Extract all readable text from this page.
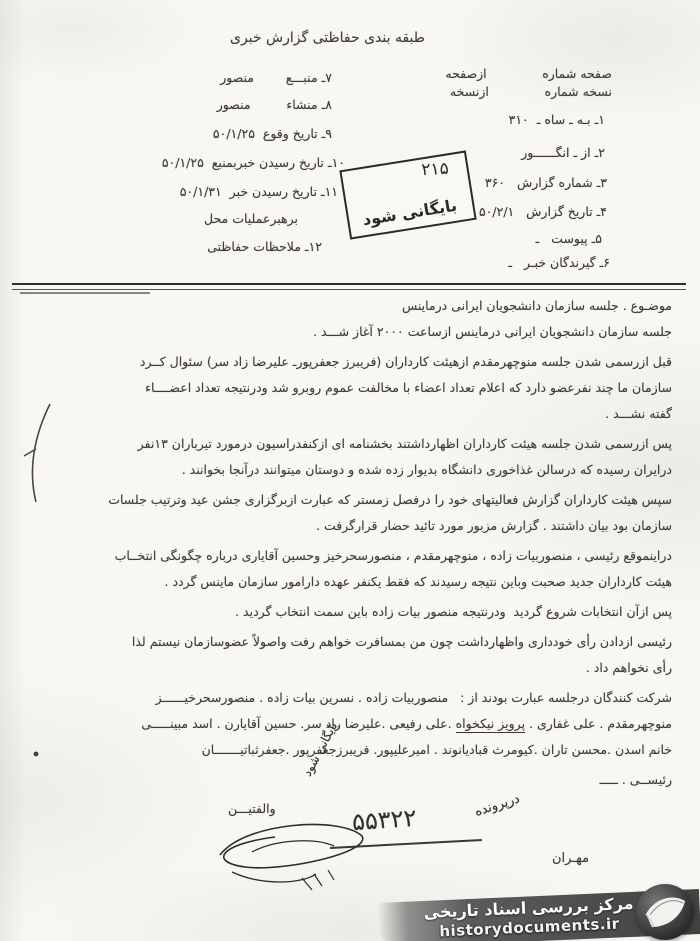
طبقه بندی حفاظتی گزارش خبری
صفحه شماره              ازصفحه
نسخه شماره              ازنسخه
۱ـ بـه ـ ساه ـ  ۳۱۰
۲ـ از ـ انگــــــور
۳ـ شماره گزارش   ۳۶۰
۴ـ تاریخ گزارش   ۵۰/۲/۱
۵ـ پیوست   ـ
۶ـ گیرندگان خبـر   ـ
۷ـ منبـــع        منصور
۸ـ منشاء         منصور
۹ـ تاریخ وقوع  ۵۰/۱/۲۵
۱۰ـ تاریخ رسیدن خبربمنبع  ۵۰/۱/۲۵
۱۱ـ تاریخ رسیدن خبر  ۵۰/۱/۳۱
برهبرعملیات محل
۱۲ـ ملاحظات حفاظتی
۲۱۵
بایگانی شود
موضـوع . جلسه سازمان دانشجویان ایرانی درماینس
جلسه سازمان دانشجویان ایرانی درماینس ازساعت ۲۰۰۰ آغاز شـــد .
قبل ازرسمی شدن جلسه منوچهرمقدم ازهیئت کارداران (فریبرز جعفرپورـ علیرضا زاد سر) سئوال کــرد
سازمان ما چند نفرعضو دارد که اعلام تعداد اعضاء با مخالفت عموم روبرو شد ودرنتیجه تعداد اعضــــاء
گفته نشـــد .
پس ازرسمی شدن جلسه هیئت کارداران اظهارداشتند بخشنامه ای ازکنفدراسیون درمورد تیرباران ۱۳نفر
درایران رسیده که درسالن غذاخوری دانشگاه بدیوار زده شده و دوستان میتوانند درآنجا بخوانند .
سپس هیئت کارداران گزارش فعالیتهای خود را درفصل زمستر که عبارت ازبرگزاری جشن عید وترتیب جلسات
سازمان بود بیان داشتند . گزارش مزبور مورد تائید حضار قرارگرفت .
دراینموقع رئیسی ، منصوربیات زاده ، منوچهرمقدم ، منصورسحرخیز وحسین آقایاری درباره چگونگی انتخــاب
هیئت کارداران جدید صحبت وباین نتیجه رسیدند که فقط یکنفر عهده دارامور سازمان ماینس گردد .
پس ازآن انتخابات شروع گردید  ودرنتیجه منصور بیات زاده باین سمت انتخاب گردید .
رئیسی ازدادن رأی خودداری واظهارداشت چون من بمسافرت خواهم رفت واصولاً عضوسازمان نیستم لذا
رأی نخواهم داد .
شرکت کنندگان درجلسه عبارت بودند از :   منصوربیات زاده . نسرین بیات زاده . منصورسحرخیــــــز
منوچهرمقدم . علی غفاری . پرویز نیکخواه .علی رفیعی .علیرضا راد سر. حسین آقایارن . اسد مبینـــــی
خانم اسدن .محسن تاران .کیومرث قبادیانوند . امیرعلیپور. فریبرزجعفرپور .جعفرثباتیـــــــان
رئیســی . ـــــ
والفتیـــن	درپرونده
۵۵۳۲۲
بایگانی شود
مهـران
مرکز بررسی اسناد تاریخی
historydocuments.ir
